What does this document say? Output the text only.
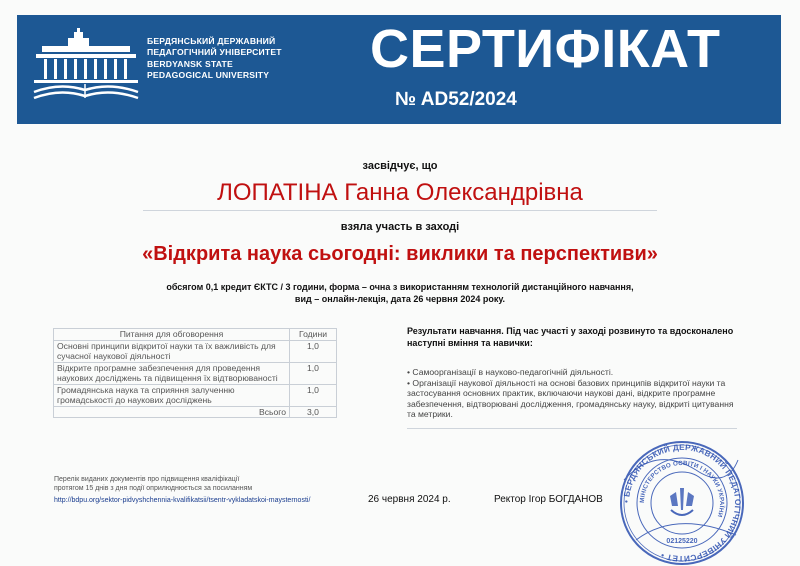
БЕРДЯНСЬКИЙ ДЕРЖАВНИЙ
ПЕДАГОГІЧНИЙ УНІВЕРСИТЕТ
BERDYANSK STATE
PEDAGOGICAL UNIVERSITY СЕРТИФІКАТ
№ AD52/2024
засвідчує, що
ЛОПАТІНА Ганна Олександрівна
взяла участь в заході
«Відкрита наука сьогодні: виклики та перспективи»
обсягом 0,1 кредит ЄКТС / 3 години, форма – очна з використанням технологій дистанційного навчання,
вид – онлайн-лекція, дата 26 червня 2024 року.
Питання для обговорення	Години
Основні принципи відкритої науки та їх важливість для сучасної наукової діяльності	1,0
Відкрите програмне забезпечення для проведення наукових досліджень та підвищення їх відтворюваності	1,0
Громадянська наука та сприяння залученню громадськості до наукових досліджень	1,0
Всього	3,0
Результати навчання. Під час участі у заході розвинуто та вдосконалено наступні вміння та навички:
• Самоорганізації в науково-педагогічній діяльності.
• Організації наукової діяльності на основі базових принципів відкритої науки та застосування основних практик, включаючи наукові дані, відкрите програмне забезпечення, відтворювані дослідження, громадянську науку, відкриті цитування та метрики.
Перелік виданих документів про підвищення кваліфікації
протягом 15 днів з дня події оприлюднюється за посиланням
http://bdpu.org/sektor-pidvyshchennia-kvalifikatsii/tsentr-vykladatskoi-maysternosti/	26 червня 2024 р.	Ректор Ігор БОГДАНОВ • БЕРДЯНСЬКИЙ ДЕРЖАВНИЙ ПЕДАГОГІЧНИЙ УНІВЕРСИТЕТ •
МІНІСТЕРСТВО ОСВІТИ І НАУКИ УКРАЇНИ
02125220
